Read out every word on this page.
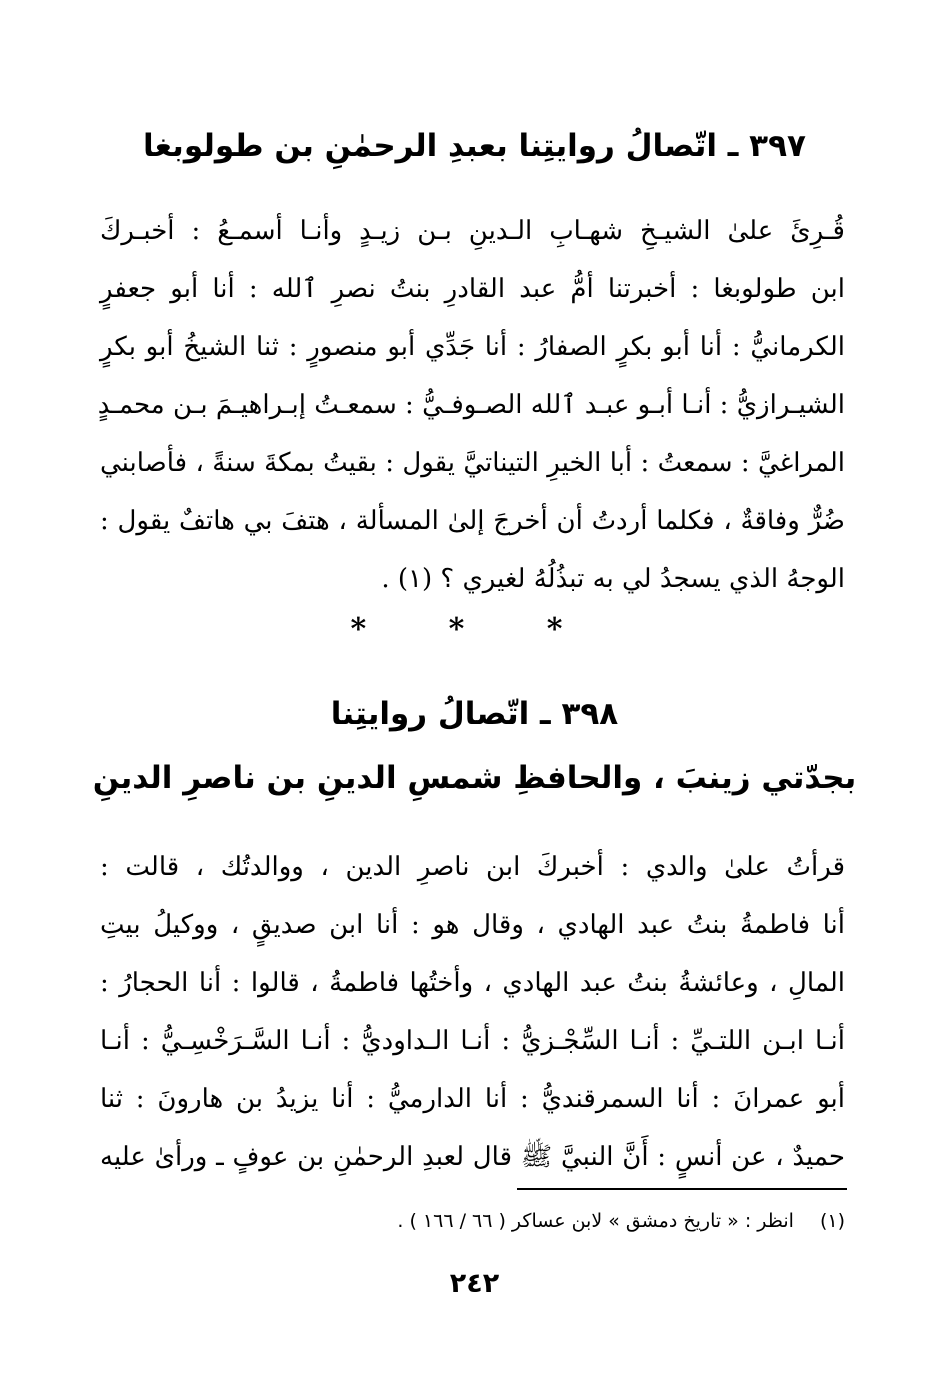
٣٩٧ ـ اتّصالُ روايتِنا بعبدِ الرحمٰنِ بن طولوبغا
قُـرِئَ علىٰ الشيـخِ شهـابِ الـدينِ بـن زيـدٍ وأنـا أسمـعُ : أخبـركَ
ابن طولوبغا : أخبرتنا أمُّ عبد القادرِ بنتُ نصرِ ٱلله : أنا أبو جعفرٍ
الكرمانيُّ : أنا أبو بكرٍ الصفارُ : أنا جَدِّي أبو منصورٍ : ثنا الشيخُ أبو بكرٍ
الشيـرازيُّ : أنـا أبـو عبـد ٱلله الصـوفـيُّ : سمعـتُ إبـراهيـمَ بـن محمـدٍ
المراغيَّ : سمعتُ : أبا الخيرِ التيناتيَّ يقول : بقيتُ بمكةَ سنةً ، فأصابني
ضُرٌّ وفاقةٌ ، فكلما أردتُ أن أخرجَ إلىٰ المسألة ، هتفَ بي هاتفٌ يقول :
الوجهُ الذي يسجدُ لي به تبذُلُهُ لغيري ؟ (١) .
* * *
٣٩٨ ـ اتّصالُ روايتِنا
بجدّتي زينبَ ، والحافظِ شمسِ الدينِ بن ناصرِ الدينِ
قرأتُ علىٰ والدي : أخبركَ ابن ناصرِ الدين ، ووالدتُك ، قالت :
أنا فاطمةُ بنتُ عبد الهادي ، وقال هو : أنا ابن صديقٍ ، ووكيلُ بيتِ
المالِ ، وعائشةُ بنتُ عبد الهادي ، وأختُها فاطمةُ ، قالوا : أنا الحجارُ :
أنـا ابـن اللتـيِّ : أنـا السِّجْـزيُّ : أنـا الـداوديُّ : أنـا السَّـرَخْسِـيُّ : أنـا
أبو عمرانَ : أنا السمرقنديُّ : أنا الدارميُّ : أنا يزيدُ بن هارونَ : ثنا
حميدٌ ، عن أنسٍ : أَنَّ النبيَّ ﷺ قال لعبدِ الرحمٰنِ بن عوفٍ ـ ورأىٰ عليه
(١)انظر : « تاريخ دمشق » لابن عساكر ( ٦٦ / ١٦٦ ) .
٢٤٢
